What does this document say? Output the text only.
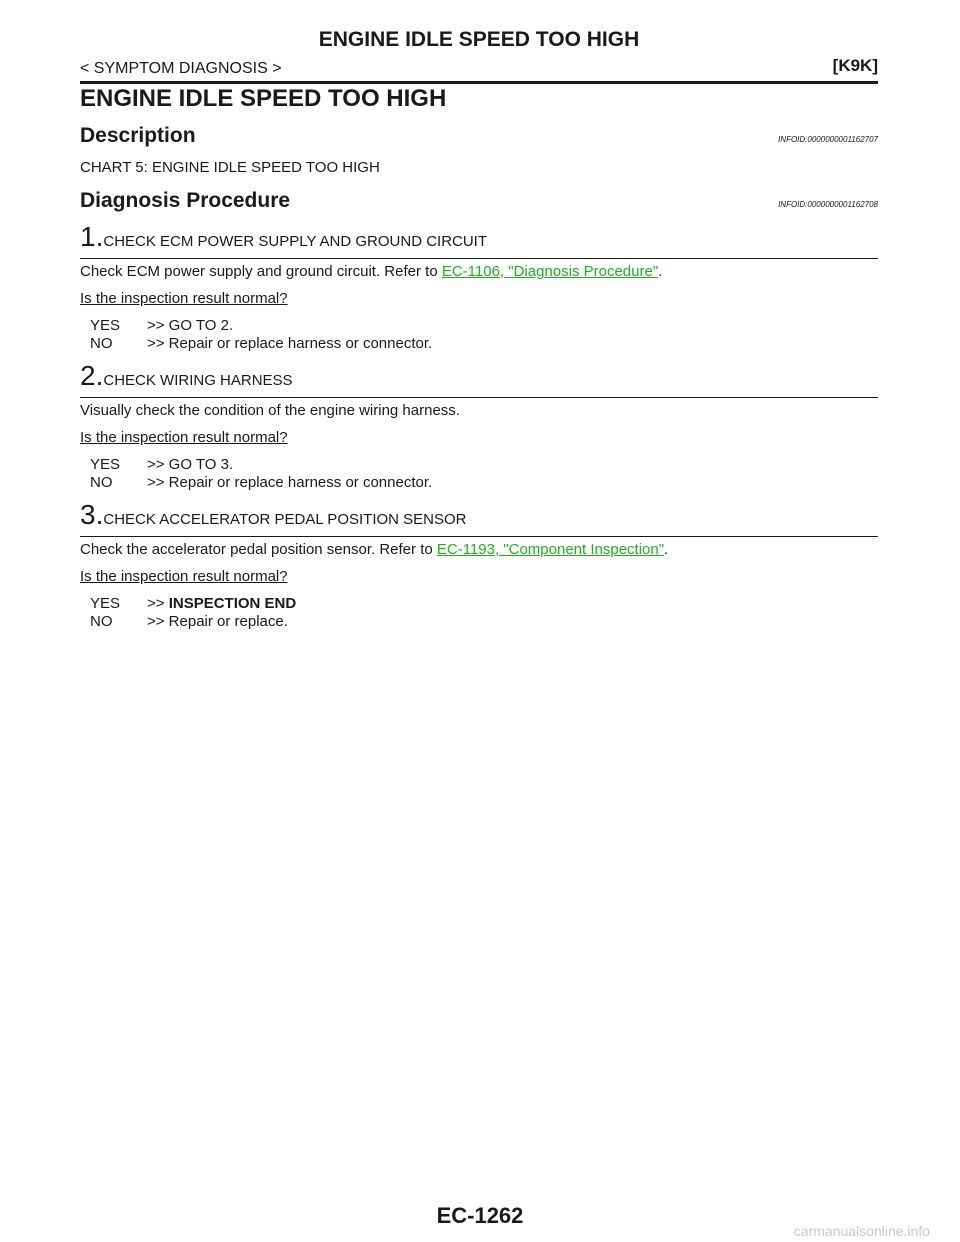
ENGINE IDLE SPEED TOO HIGH
< SYMPTOM DIAGNOSIS >	[K9K]
ENGINE IDLE SPEED TOO HIGH
Description	INFOID:0000000001162707
CHART 5: ENGINE IDLE SPEED TOO HIGH
Diagnosis Procedure	INFOID:0000000001162708
1.CHECK ECM POWER SUPPLY AND GROUND CIRCUIT
Check ECM power supply and ground circuit. Refer to EC-1106, "Diagnosis Procedure".
Is the inspection result normal?
YES	>> GO TO 2.
NO	>> Repair or replace harness or connector.
2.CHECK WIRING HARNESS
Visually check the condition of the engine wiring harness.
Is the inspection result normal?
YES	>> GO TO 3.
NO	>> Repair or replace harness or connector.
3.CHECK ACCELERATOR PEDAL POSITION SENSOR
Check the accelerator pedal position sensor. Refer to EC-1193, "Component Inspection".
Is the inspection result normal?
YES	>> INSPECTION END
NO	>> Repair or replace.
EC-1262
carmanualsonline.info
